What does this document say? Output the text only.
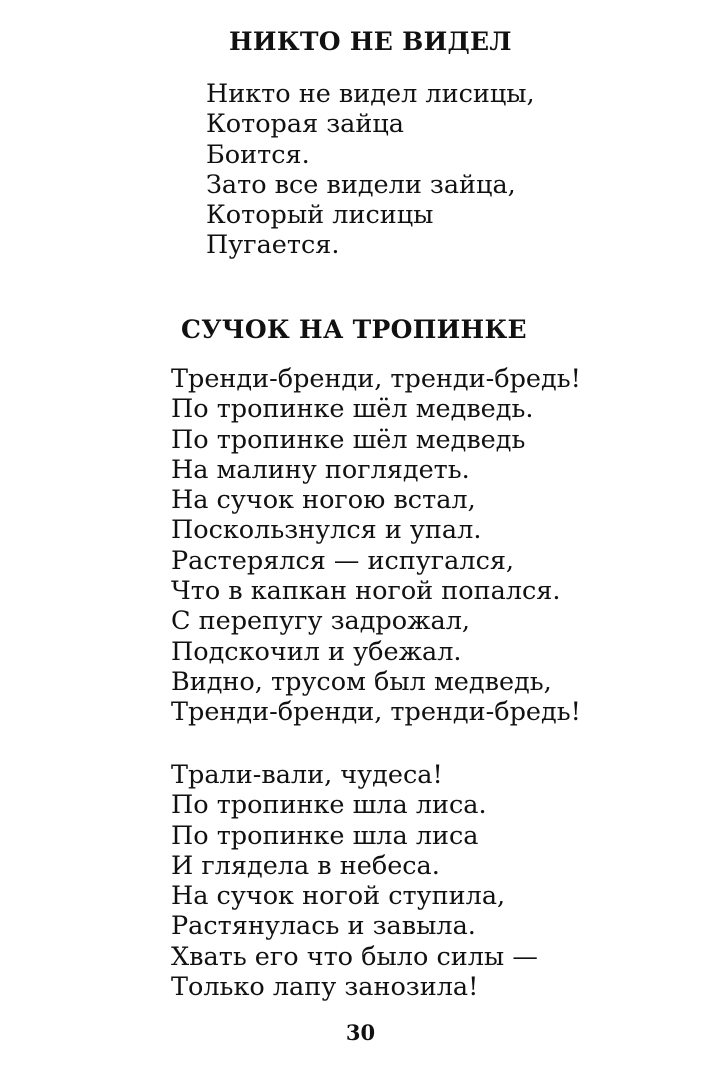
НИКТО НЕ ВИДЕЛ
Никто не видел лисицы,
Которая зайца
Боится.
Зато все видели зайца,
Который лисицы
Пугается.
СУЧОК НА ТРОПИНКЕ
Тренди-бренди, тренди-бредь!
По тропинке шёл медведь.
По тропинке шёл медведь
На малину поглядеть.
На сучок ногою встал,
Поскользнулся и упал.
Растерялся — испугался,
Что в капкан ногой попался.
С перепугу задрожал,
Подскочил и убежал.
Видно, трусом был медведь,
Тренди-бренди, тренди-бредь!
Трали-вали, чудеса!
По тропинке шла лиса.
По тропинке шла лиса
И глядела в небеса.
На сучок ногой ступила,
Растянулась и завыла.
Хвать его что было силы —
Только лапу занозила!
30
